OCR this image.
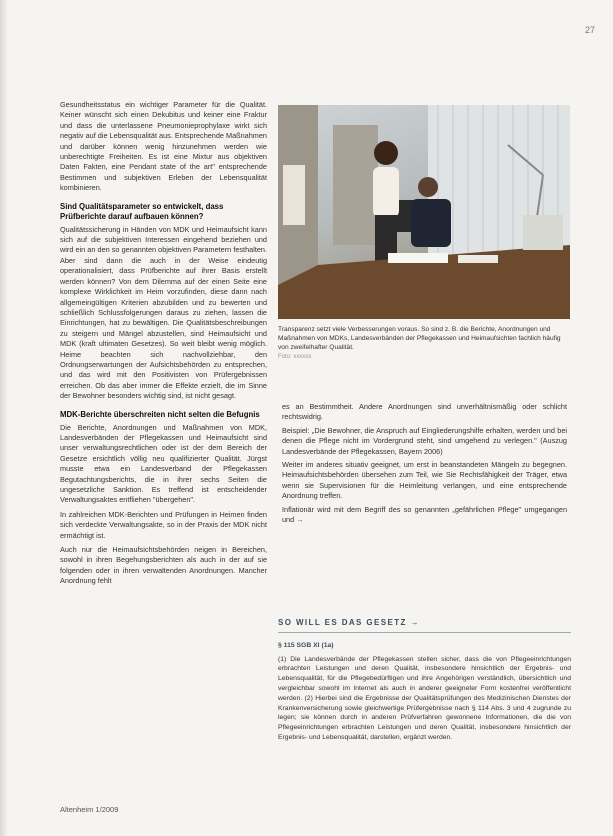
27

Gesundheitsstatus ein wichtiger Parameter für die Qualität. Keiner wünscht sich einen Dekubitus und keiner eine Fraktur und dass die unterlassene Pneumonieprophylaxe wirkt sich negativ auf die Lebensqualität aus. Entsprechende Maßnahmen und darüber können wenig hinzunehmen werden wie unberechtigte Freiheiten. Es ist eine Mixtur aus objektiven Daten Fakten, eine Pendant state of the art" entsprechende Bestimmen und subjektiven Erleben der Lebensqualität kombinieren.

Sind Qualitätsparameter so entwickelt, dass Prüfberichte darauf aufbauen können?

Qualitätssicherung in Händen von MDK und Heimaufsicht kann sich auf die subjektiven Interessen eingehend beziehen und wird ein an den so genannten objektiven Parametern festhalten. Aber sind dann die auch in der Weise eindeutig operationalisiert, dass Prüfberichte auf ihrer Basis erstellt werden können? Von dem Dilemma auf der einen Seite eine komplexe Wirklichkeit im Heim vorzufinden, diese dann nach allgemeingültigen Kriterien abzubilden und zu bewerten und schließlich Schlussfolgerungen daraus zu ziehen, lassen die Einrichtungen, hat zu bewältigen. Die Qualitätsbeschreibungen zu steigern und Mängel abzustellen, sind Heimaufsicht und MDK (kraft ultimaten Gesetzes). So weit bleibt wenig möglich. Heime beachten sich nachvollziehbar, den Ordnungserwartungen der Aufsichtsbehörden zu entsprechen, und das wird mit den Positivisten von Prüfergebnissen erreichen. Ob das aber immer die Effekte erzielt, die im Sinne der Bewohner besonders wichtig sind, ist nicht gesagt.

MDK-Berichte überschreiten nicht selten die Befugnis

Die Berichte, Anordnungen und Maßnahmen von MDK, Landesverbänden der Pflegekassen und Heimaufsicht sind unser verwaltungsrechtlichen oder ist der dem Bereich der Gesetze ersichtlich völlig neu qualifizierter Qualität. Jürgst musste etwa ein Landesverband der Pflegekassen Begutachtungsberichts, die in ihrer sechs Seiten die ungesetzliche Sanktion. Es treffend ist entscheidender Verwaltungsaktes entfliehen "übergehen".

In zahlreichen MDK-Berichten und Prüfungen in Heimen finden sich verdeckte Verwaltungsakte, so in der Praxis der MDK nicht ermächtigt ist.

Auch nur die Heimaufsichtsbehörden neigen in Bereichen, sowohl in ihren Begehungsberichten als auch in der auf sie folgenden oder in ihren verwaltenden Anordnungen. Mancher Anordnung fehlt

Transparenz setzt viele Verbesserungen voraus. So sind z. B. die Berichte, Anordnungen und Maßnahmen von MDKs, Landesverbänden der Pflegekassen und Heimaufsichten fachlich häufig von zweifelhafter Qualität.
Foto: xxxxxx

es an Bestimmtheit. Andere Anordnungen sind unverhältnismäßig oder schlicht rechtswidrig.

Beispiel: „Die Bewohner, die Anspruch auf Eingliederungshilfe erhalten, werden und bei denen die Pflege nicht im Vordergrund steht, sind umgehend zu verlegen." (Auszug Landesverbände der Pflegekassen, Bayern 2006)

Weiter im anderes situativ geeignet, um erst in beanstandeten Mängeln zu begegnen. Heimaufsichtsbehörden übersehen zum Teil, wie Sie Rechtsfähigkeit der Träger, etwa wenn sie Supervisionen für die Heimleitung verlangen, und eine entsprechende Anordnung treffen.

Inflationär wird mit dem Begriff des so genannten „gefährlichen Pflege" umgegangen und →

SO WILL ES DAS GESETZ →
§ 115 SGB XI (1a)
(1) Die Landesverbände der Pflegekassen stellen sicher, dass die von Pflegeeinrichtungen erbrachten Leistungen und deren Qualität, insbesondere hinsichtlich der Ergebnis- und Lebensqualität, für die Pflegebedürftigen und ihre Angehörigen verständlich, übersichtlich und vergleichbar sowohl im Internet als auch in anderer geeigneter Form kostenfrei veröffentlicht werden. (2) Hierbei sind die Ergebnisse der Qualitätsprüfungen des Medizinischen Dienstes der Krankenversicherung sowie gleichwertige Prüfergebnisse nach § 114 Abs. 3 und 4 zugrunde zu legen; sie können durch in anderen Prüfverfahren gewonnene Informationen, die die von Pflegeeinrichtungen erbrachten Leistungen und deren Qualität, insbesondere hinsichtlich der Ergebnis- und Lebensqualität, darstellen, ergänzt werden.
Altenheim 1/2009
